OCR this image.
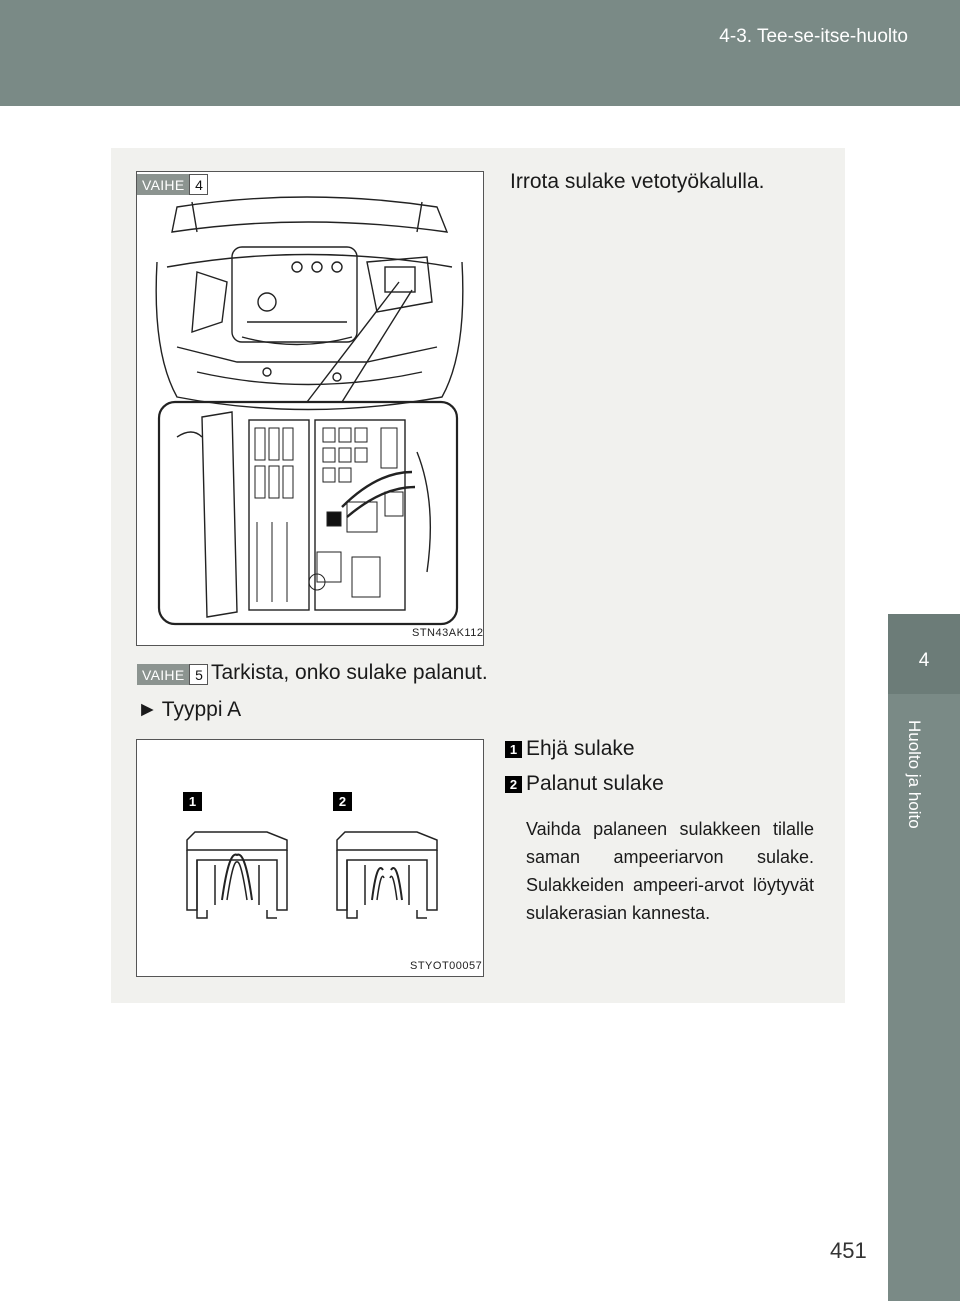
4-3. Tee-se-itse-huolto
4
Huolto ja hoito
VAIHE 4
STN43AK112
Irrota sulake vetotyökalulla.
VAIHE 5 Tarkista, onko sulake palanut.
► Tyyppi A
1	2
STYOT00057
1 Ehjä sulake
2 Palanut sulake
Vaihda palaneen sulakkeen tilalle saman ampeeriarvon sulake. Sulakkeiden ampeeri-arvot löytyvät sulakerasian kannesta.
451
